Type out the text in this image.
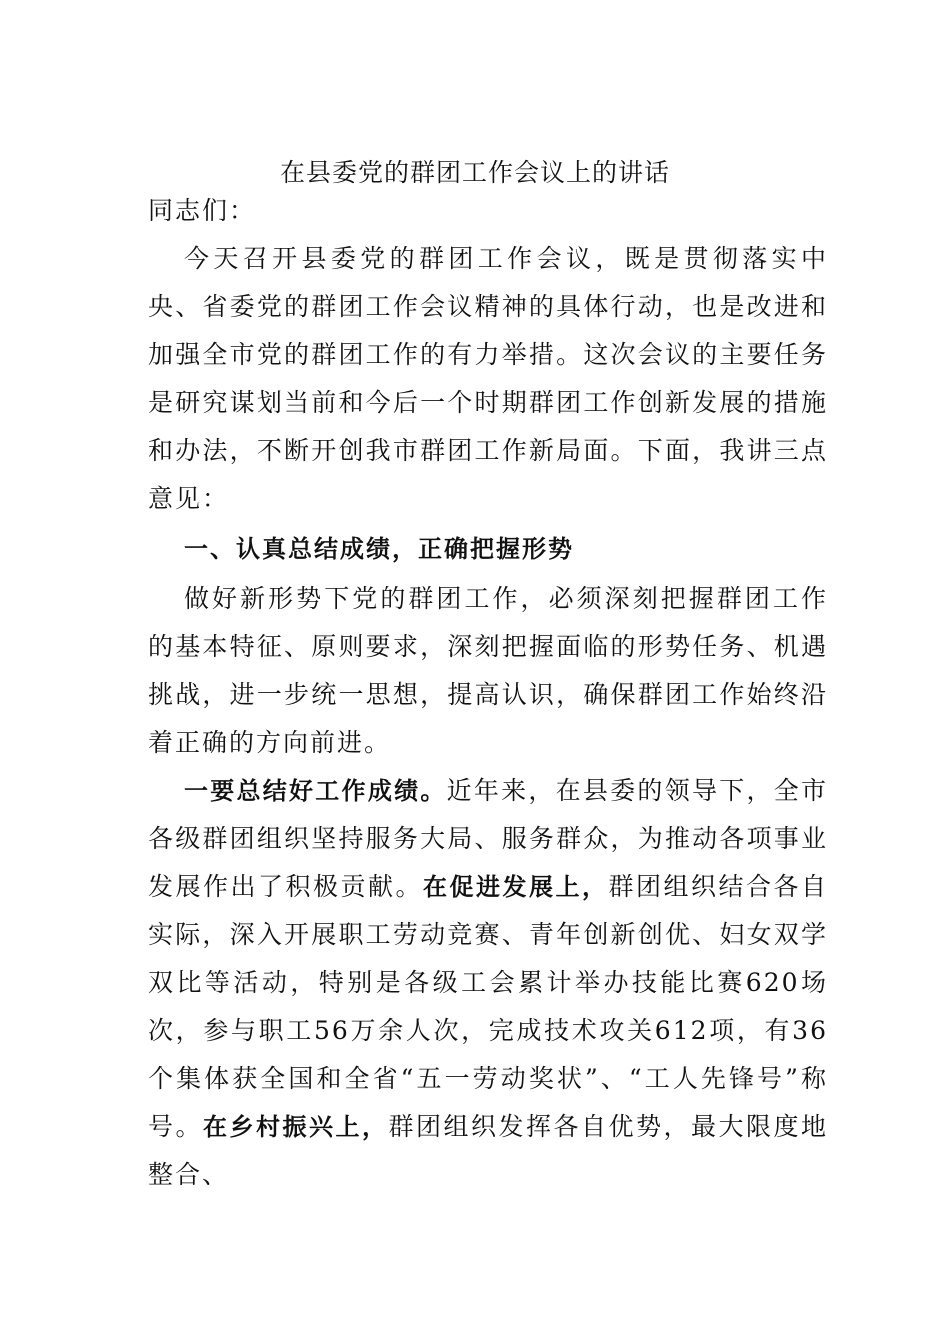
在县委党的群团工作会议上的讲话

同志们：

今天召开县委党的群团工作会议，既是贯彻落实中央、省委党的群团工作会议精神的具体行动，也是改进和加强全市党的群团工作的有力举措。这次会议的主要任务是研究谋划当前和今后一个时期群团工作创新发展的措施和办法，不断开创我市群团工作新局面。下面，我讲三点意见：

一、认真总结成绩，正确把握形势

做好新形势下党的群团工作，必须深刻把握群团工作的基本特征、原则要求，深刻把握面临的形势任务、机遇挑战，进一步统一思想，提高认识，确保群团工作始终沿着正确的方向前进。

一要总结好工作成绩。近年来，在县委的领导下，全市各级群团组织坚持服务大局、服务群众，为推动各项事业发展作出了积极贡献。在促进发展上，群团组织结合各自实际，深入开展职工劳动竞赛、青年创新创优、妇女双学双比等活动，特别是各级工会累计举办技能比赛620场次，参与职工56万余人次，完成技术攻关612项，有36个集体获全国和全省“五一劳动奖状”、“工人先锋号”称号。在乡村振兴上，群团组织发挥各自优势，最大限度地整合、
